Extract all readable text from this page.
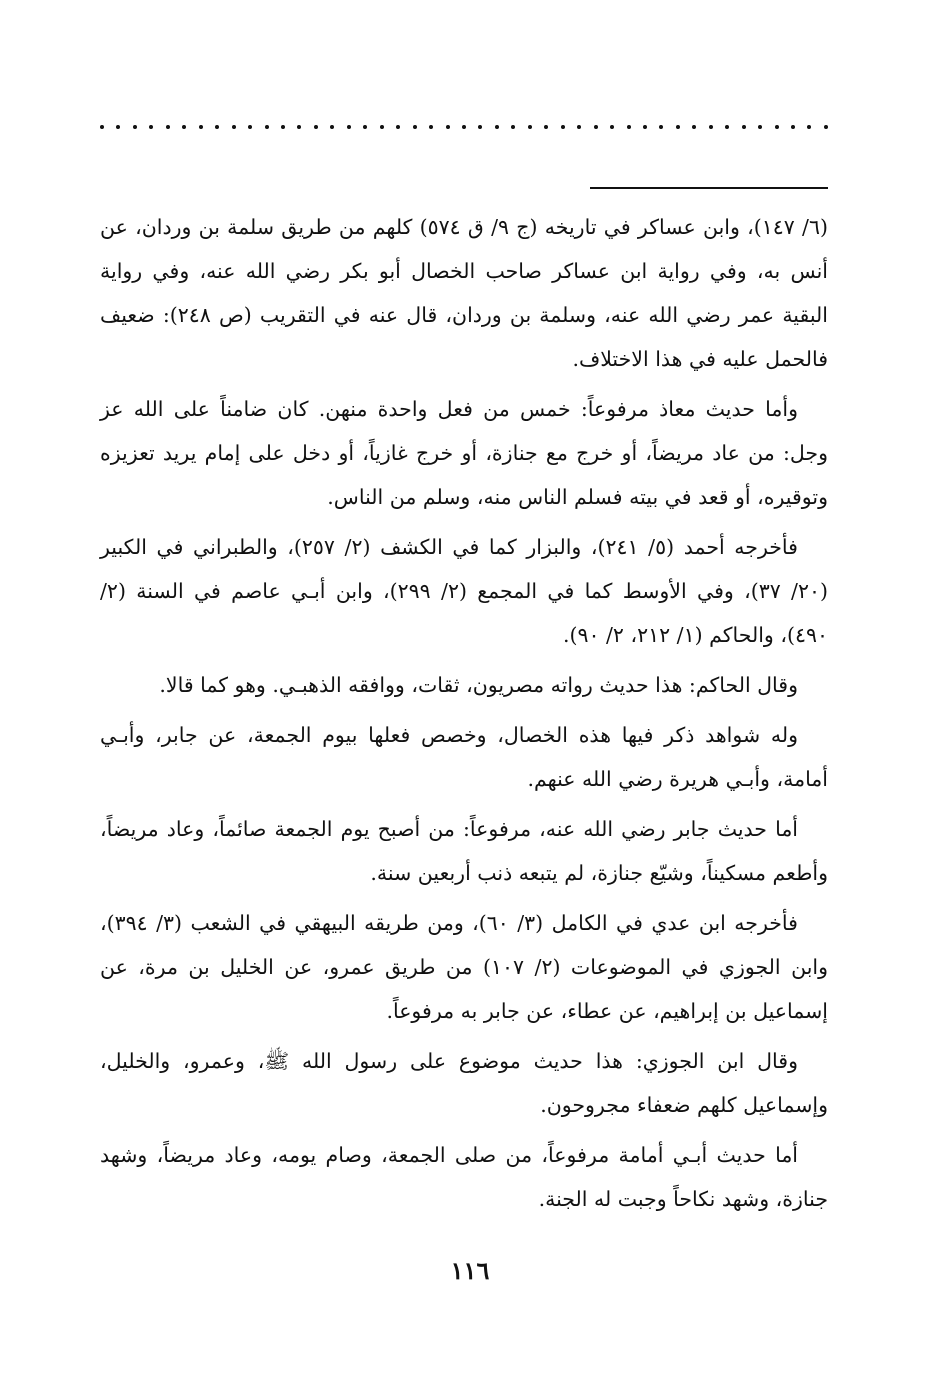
(٦/ ١٤٧)، وابن عساكر في تاريخه (ج ٩/ ق ٥٧٤) كلهم من طريق سلمة بن وردان، عن أنس به، وفي رواية ابن عساكر صاحب الخصال أبو بكر رضي الله عنه، وفي رواية البقية عمر رضي الله عنه، وسلمة بن وردان، قال عنه في التقريب (ص ٢٤٨): ضعيف فالحمل عليه في هذا الاختلاف.

وأما حديث معاذ مرفوعاً: خمس من فعل واحدة منهن. كان ضامناً على الله عز وجل: من عاد مريضاً، أو خرج مع جنازة، أو خرج غازياً، أو دخل على إمام يريد تعزيزه وتوقيره، أو قعد في بيته فسلم الناس منه، وسلم من الناس.

فأخرجه أحمد (٥/ ٢٤١)، والبزار كما في الكشف (٢/ ٢٥٧)، والطبراني في الكبير (٢٠/ ٣٧)، وفي الأوسط كما في المجمع (٢/ ٢٩٩)، وابن أبـي عاصم في السنة (٢/ ٤٩٠)، والحاكم (١/ ٢١٢، ٢/ ٩٠).

وقال الحاكم: هذا حديث رواته مصريون، ثقات، ووافقه الذهبـي. وهو كما قالا.

وله شواهد ذكر فيها هذه الخصال، وخصص فعلها بيوم الجمعة، عن جابر، وأبـي أمامة، وأبـي هريرة رضي الله عنهم.

أما حديث جابر رضي الله عنه، مرفوعاً: من أصبح يوم الجمعة صائماً، وعاد مريضاً، وأطعم مسكيناً، وشيّع جنازة، لم يتبعه ذنب أربعين سنة.

فأخرجه ابن عدي في الكامل (٣/ ٦٠)، ومن طريقه البيهقي في الشعب (٣/ ٣٩٤)، وابن الجوزي في الموضوعات (٢/ ١٠٧) من طريق عمرو، عن الخليل بن مرة، عن إسماعيل بن إبراهيم، عن عطاء، عن جابر به مرفوعاً.

وقال ابن الجوزي: هذا حديث موضوع على رسول الله ﷺ، وعمرو، والخليل، وإسماعيل كلهم ضعفاء مجروحون.

أما حديث أبـي أمامة مرفوعاً، من صلى الجمعة، وصام يومه، وعاد مريضاً، وشهد جنازة، وشهد نكاحاً وجبت له الجنة.

١١٦
